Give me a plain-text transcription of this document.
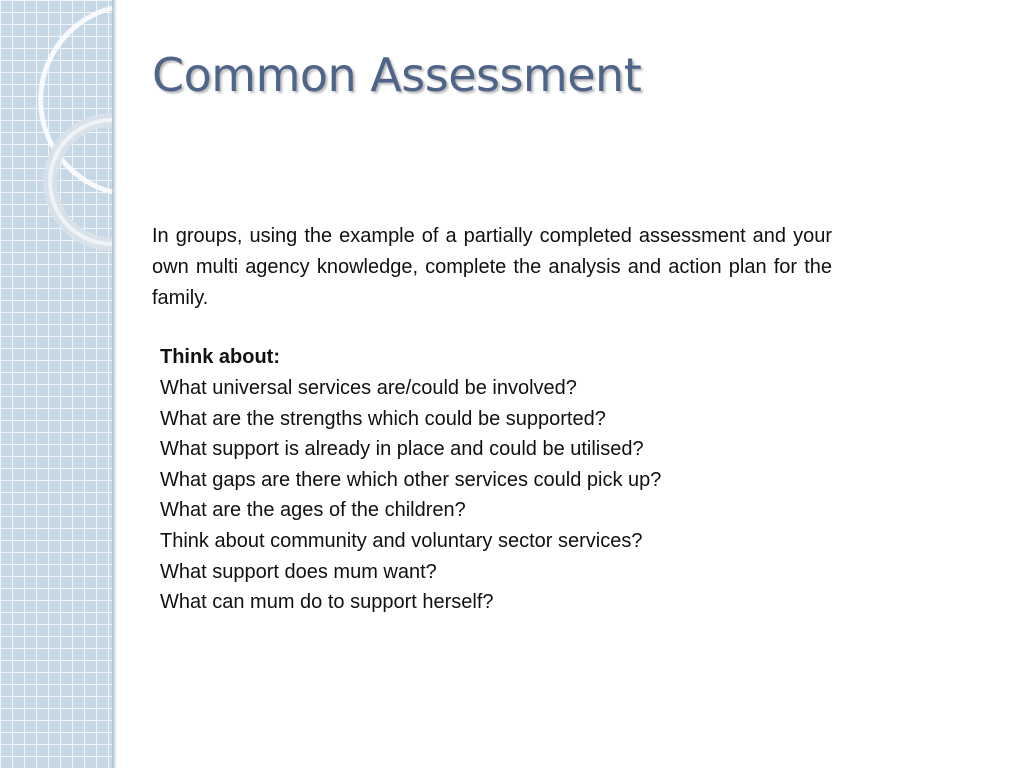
Common Assessment

In groups, using the example of a partially completed assessment and your own multi agency knowledge, complete the analysis and action plan for the family.

Think about:

What universal services are/could be involved?
What are the strengths which could be supported?
What support is already in place and could be utilised?
What gaps are there which other services could pick up?
What are the ages of the children?
Think about community and voluntary sector services?
What support does mum want?
What can mum do to support herself?
